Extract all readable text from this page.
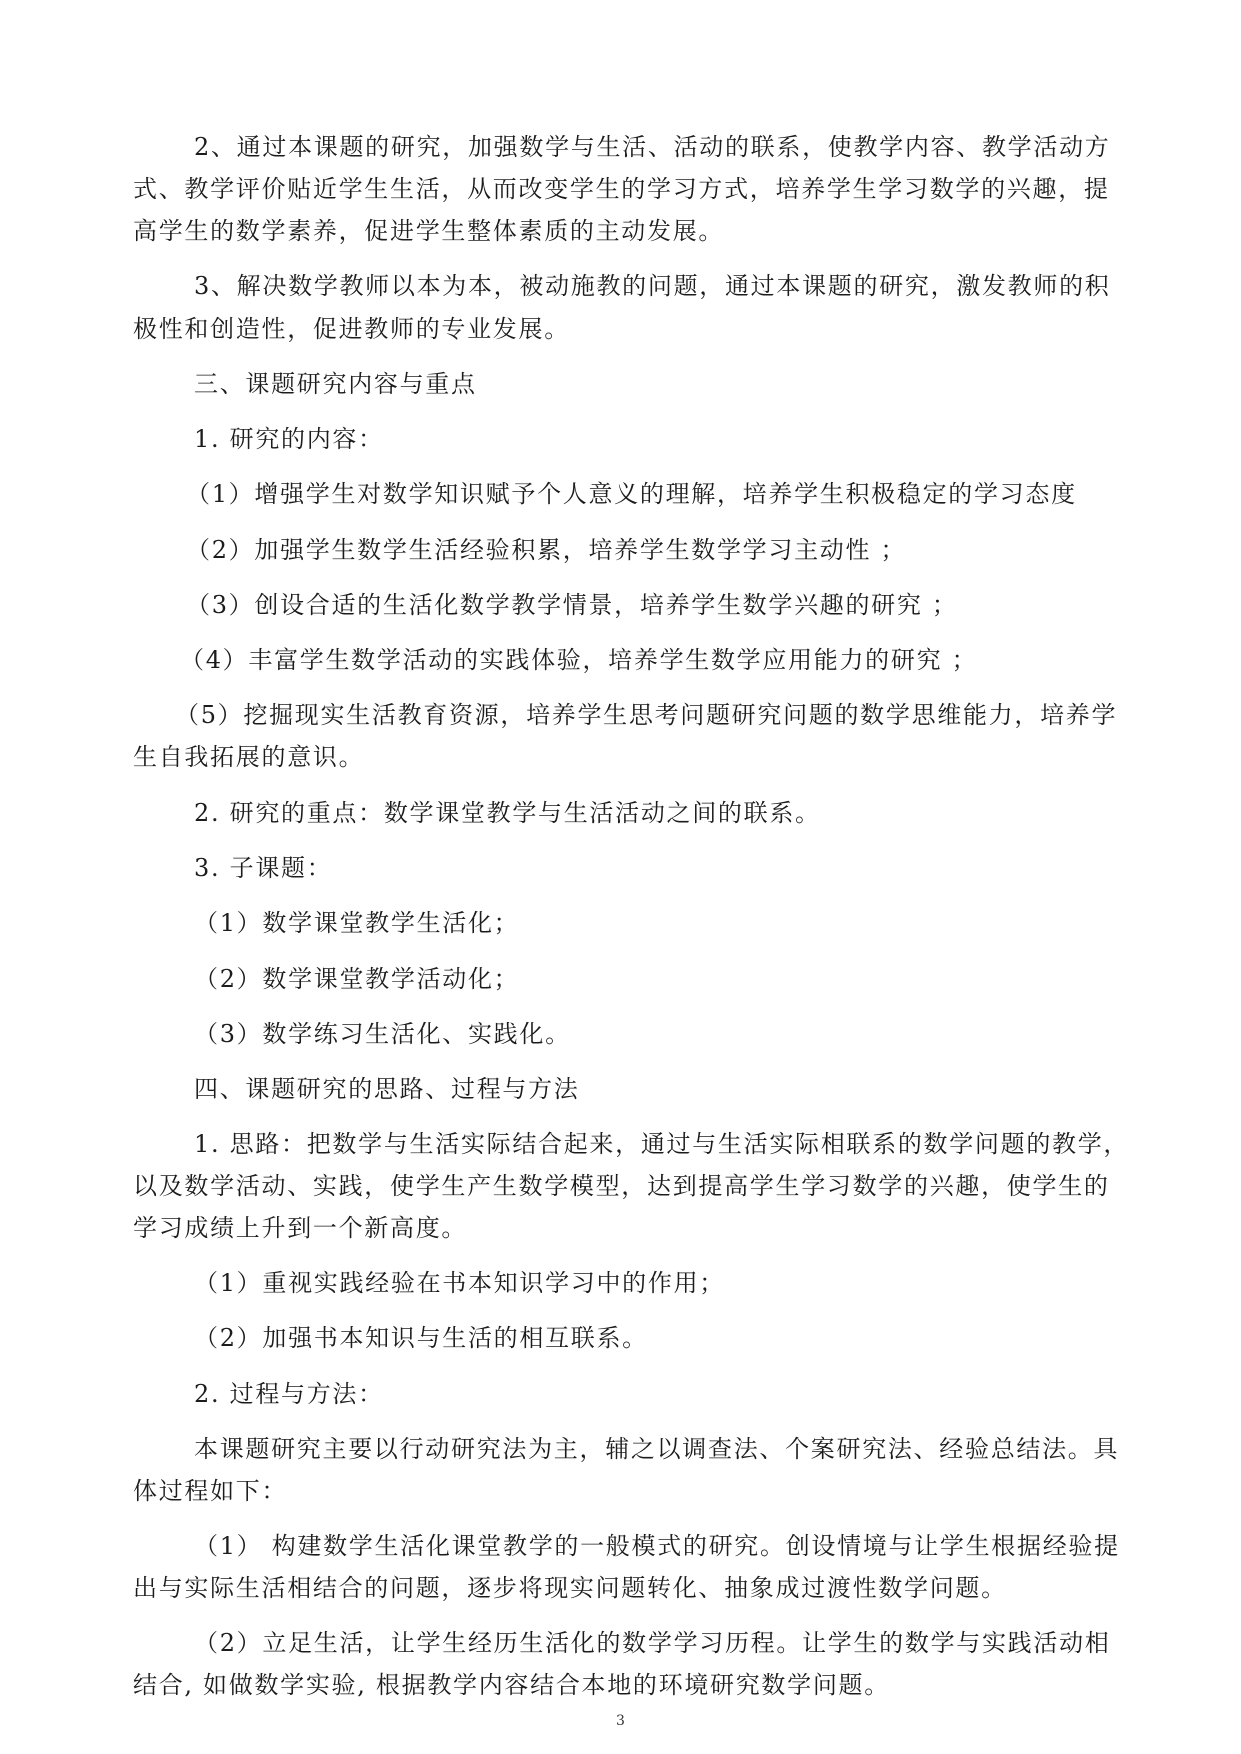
2、通过本课题的研究，加强数学与生活、活动的联系，使教学内容、教学活动方
式、教学评价贴近学生生活，从而改变学生的学习方式，培养学生学习数学的兴趣，提
高学生的数学素养，促进学生整体素质的主动发展。
3、解决数学教师以本为本，被动施教的问题，通过本课题的研究，激发教师的积
极性和创造性，促进教师的专业发展。
三、课题研究内容与重点
1. 研究的内容：
（1）增强学生对数学知识赋予个人意义的理解，培养学生积极稳定的学习态度
（2）加强学生数学生活经验积累，培养学生数学学习主动性 ；
（3）创设合适的生活化数学教学情景，培养学生数学兴趣的研究 ；
（4）丰富学生数学活动的实践体验，培养学生数学应用能力的研究 ；
（5）挖掘现实生活教育资源，培养学生思考问题研究问题的数学思维能力，培养学
生自我拓展的意识。
2. 研究的重点：数学课堂教学与生活活动之间的联系。
3. 子课题：
（1）数学课堂教学生活化；
（2）数学课堂教学活动化；
（3）数学练习生活化、实践化。
四、课题研究的思路、过程与方法
1. 思路：把数学与生活实际结合起来，通过与生活实际相联系的数学问题的教学，
以及数学活动、实践，使学生产生数学模型，达到提高学生学习数学的兴趣，使学生的
学习成绩上升到一个新高度。
（1）重视实践经验在书本知识学习中的作用；
（2）加强书本知识与生活的相互联系。
2. 过程与方法：
本课题研究主要以行动研究法为主，辅之以调查法、个案研究法、经验总结法。具
体过程如下：
（1） 构建数学生活化课堂教学的一般模式的研究。创设情境与让学生根据经验提
出与实际生活相结合的问题，逐步将现实问题转化、抽象成过渡性数学问题。
（2）立足生活，让学生经历生活化的数学学习历程。让学生的数学与实践活动相
结合, 如做数学实验, 根据教学内容结合本地的环境研究数学问题。
3
